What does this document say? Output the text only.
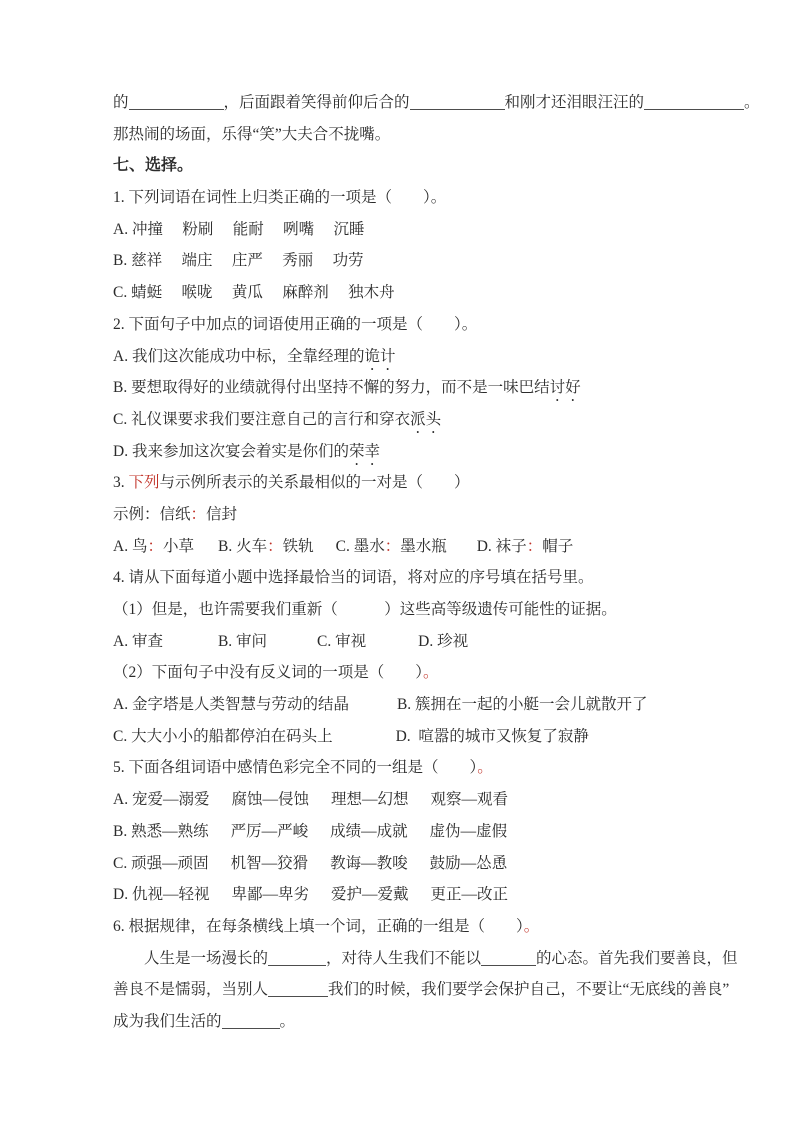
的	，后面跟着笑得前仰后合的	和刚才还泪眼汪汪的	。
那热闹的场面，乐得“笑”大夫合不拢嘴。
七、选择。
1. 下列词语在词性上归类正确的一项是（　　）。
A. 冲撞　 粉刷　 能耐　 咧嘴　 沉睡
B. 慈祥　 端庄　 庄严　 秀丽　 功劳
C. 蜻蜓　 喉咙　 黄瓜　 麻醉剂　 独木舟
2. 下面句子中加点的词语使用正确的一项是（　　）。
A. 我们这次能成功中标，全靠经理的诡计
B. 要想取得好的业绩就得付出坚持不懈的努力，而不是一味巴结讨好
C. 礼仪课要求我们要注意自己的言行和穿衣派头
D. 我来参加这次宴会着实是你们的荣幸
3. 下列与示例所表示的关系最相似的一对是（　　）
示例：信纸：信封
A. 鸟：小草 B. 火车：铁轨 C. 墨水：墨水瓶 D. 袜子：帽子
4. 请从下面每道小题中选择最恰当的词语，将对应的序号填在括号里。
（1）但是，也许需要我们重新（　　　）这些高等级遗传可能性的证据。
A. 审查	B. 审问	C. 审视	D. 珍视
（2）下面句子中没有反义词的一项是（　　）。
A. 金字塔是人类智慧与劳动的结晶	B. 簇拥在一起的小艇一会儿就散开了
C. 大大小小的船都停泊在码头上	D.  喧嚣的城市又恢复了寂静
5. 下面各组词语中感情色彩完全不同的一组是（　　）。
A. 宠爱—溺爱 腐蚀—侵蚀 理想—幻想 观察—观看
B. 熟悉—熟练 严厉—严峻 成绩—成就 虚伪—虚假
C. 顽强—顽固 机智—狡猾 教诲—教唆 鼓励—怂恿
D. 仇视—轻视 卑鄙—卑劣 爱护—爱戴 更正—改正
6. 根据规律，在每条横线上填一个词，正确的一组是（　　）。
人生是一场漫长的	，对待人生我们不能以	的心态。首先我们要善良，但
善良不是懦弱，当别人	我们的时候，我们要学会保护自己，不要让“无底线的善良”
成为我们生活的	。
